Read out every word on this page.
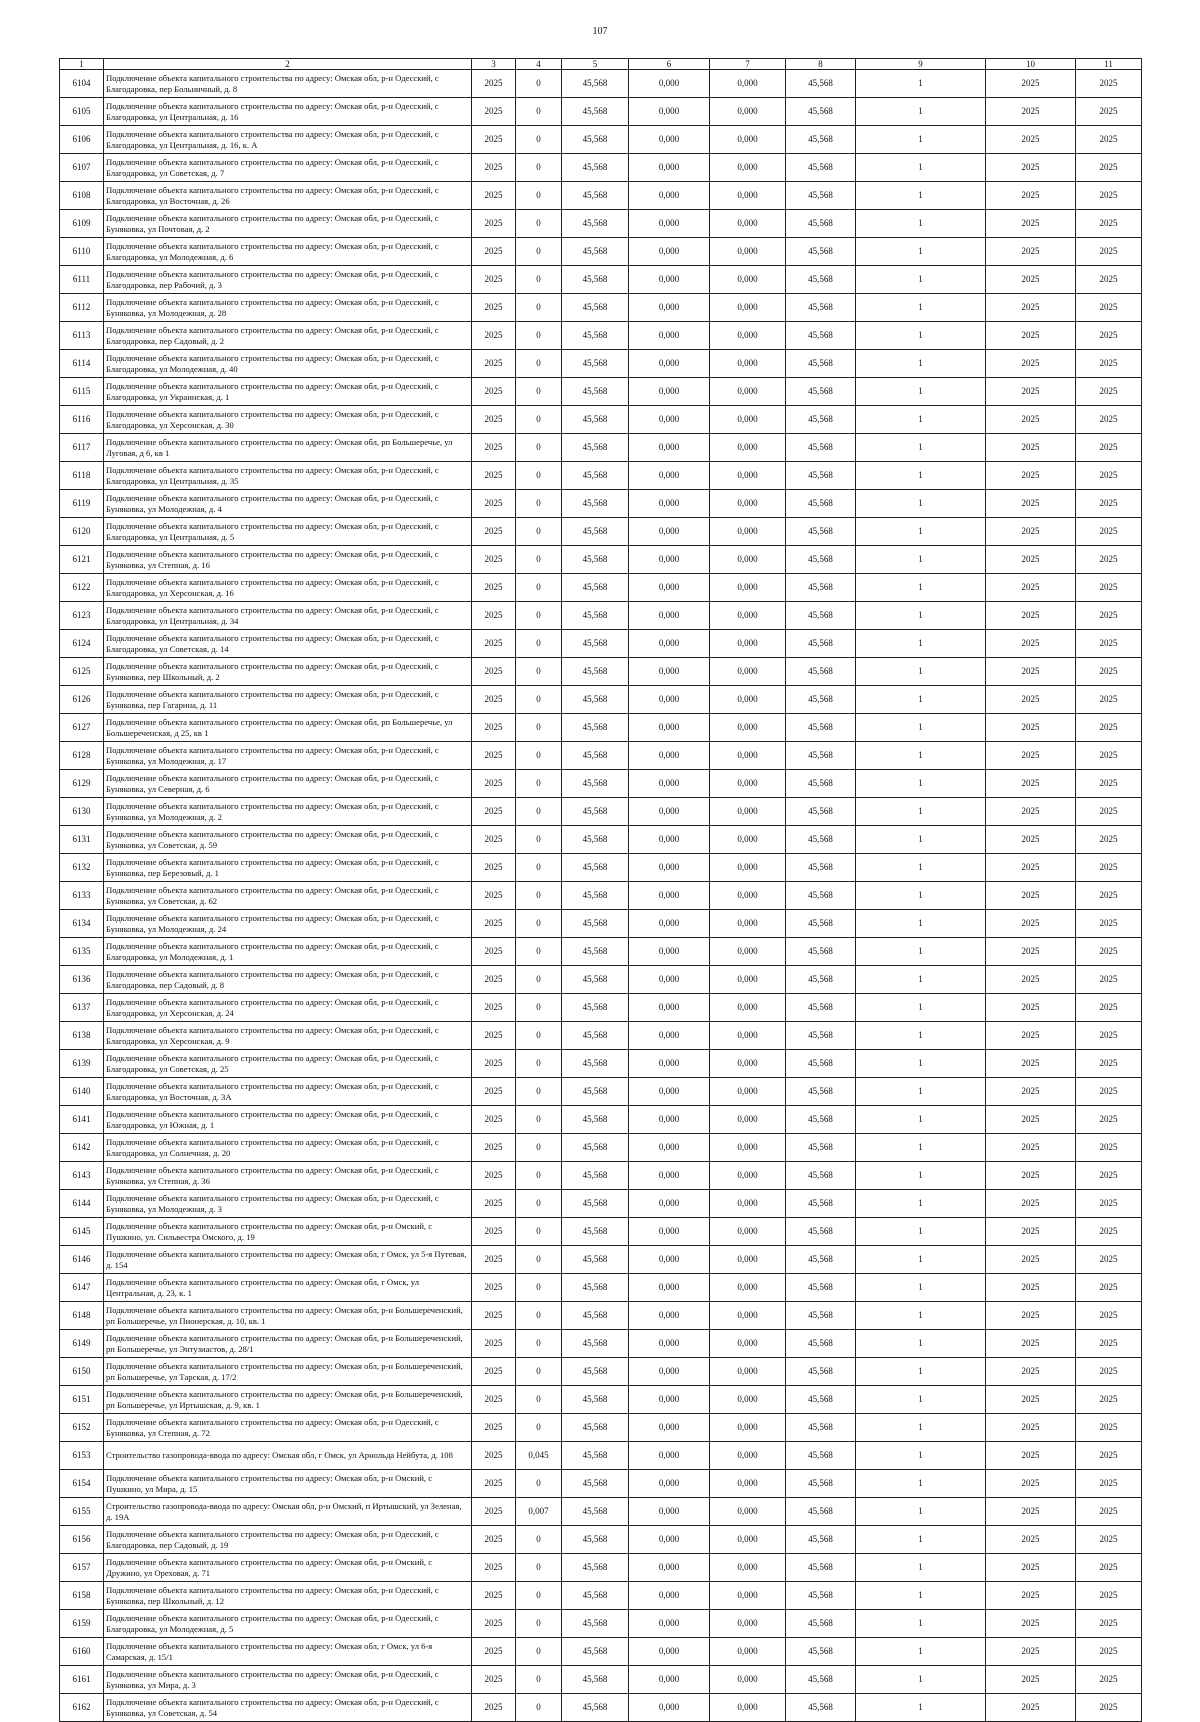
107
1	2	3	4	5	6	7	8	9	10	11
6104	Подключение объекта капитального строительства по адресу: Омская обл, р-н Одесский, с Благодаровка, пер Больничный, д. 8	2025	0	45,568	0,000	0,000	45,568	1	2025	2025
6105	Подключение объекта капитального строительства по адресу: Омская обл, р-н Одесский, с Благодаровка, ул Центральная, д. 16	2025	0	45,568	0,000	0,000	45,568	1	2025	2025
6106	Подключение объекта капитального строительства по адресу: Омская обл, р-н Одесский, с Благодаровка, ул Центральная, д. 16, к. А	2025	0	45,568	0,000	0,000	45,568	1	2025	2025
6107	Подключение объекта капитального строительства по адресу: Омская обл, р-н Одесский, с Благодаровка, ул Советская, д. 7	2025	0	45,568	0,000	0,000	45,568	1	2025	2025
6108	Подключение объекта капитального строительства по адресу: Омская обл, р-н Одесский, с Благодаровка, ул Восточная, д. 26	2025	0	45,568	0,000	0,000	45,568	1	2025	2025
6109	Подключение объекта капитального строительства по адресу: Омская обл, р-н Одесский, с Буняковка, ул Почтовая, д. 2	2025	0	45,568	0,000	0,000	45,568	1	2025	2025
6110	Подключение объекта капитального строительства по адресу: Омская обл, р-н Одесский, с Благодаровка, ул Молодежная, д. 6	2025	0	45,568	0,000	0,000	45,568	1	2025	2025
6111	Подключение объекта капитального строительства по адресу: Омская обл, р-н Одесский, с Благодаровка, пер Рабочий, д. 3	2025	0	45,568	0,000	0,000	45,568	1	2025	2025
6112	Подключение объекта капитального строительства по адресу: Омская обл, р-н Одесский, с Буняковка, ул Молодежная, д. 28	2025	0	45,568	0,000	0,000	45,568	1	2025	2025
6113	Подключение объекта капитального строительства по адресу: Омская обл, р-н Одесский, с Благодаровка, пер Садовый, д. 2	2025	0	45,568	0,000	0,000	45,568	1	2025	2025
6114	Подключение объекта капитального строительства по адресу: Омская обл, р-н Одесский, с Благодаровка, ул Молодежная, д. 40	2025	0	45,568	0,000	0,000	45,568	1	2025	2025
6115	Подключение объекта капитального строительства по адресу: Омская обл, р-н Одесский, с Благодаровка, ул Украинская, д. 1	2025	0	45,568	0,000	0,000	45,568	1	2025	2025
6116	Подключение объекта капитального строительства по адресу: Омская обл, р-н Одесский, с Благодаровка, ул Херсонская, д. 30	2025	0	45,568	0,000	0,000	45,568	1	2025	2025
6117	Подключение объекта капитального строительства по адресу: Омская обл, рп Большеречье, ул Луговая, д 6, кв 1	2025	0	45,568	0,000	0,000	45,568	1	2025	2025
6118	Подключение объекта капитального строительства по адресу: Омская обл, р-н Одесский, с Благодаровка, ул Центральная, д. 35	2025	0	45,568	0,000	0,000	45,568	1	2025	2025
6119	Подключение объекта капитального строительства по адресу: Омская обл, р-н Одесский, с Буняковка, ул Молодежная, д. 4	2025	0	45,568	0,000	0,000	45,568	1	2025	2025
6120	Подключение объекта капитального строительства по адресу: Омская обл, р-н Одесский, с Благодаровка, ул Центральная, д. 5	2025	0	45,568	0,000	0,000	45,568	1	2025	2025
6121	Подключение объекта капитального строительства по адресу: Омская обл, р-н Одесский, с Буняковка, ул Степная, д. 16	2025	0	45,568	0,000	0,000	45,568	1	2025	2025
6122	Подключение объекта капитального строительства по адресу: Омская обл, р-н Одесский, с Благодаровка, ул Херсонская, д. 16	2025	0	45,568	0,000	0,000	45,568	1	2025	2025
6123	Подключение объекта капитального строительства по адресу: Омская обл, р-н Одесский, с Благодаровка, ул Центральная, д. 34	2025	0	45,568	0,000	0,000	45,568	1	2025	2025
6124	Подключение объекта капитального строительства по адресу: Омская обл, р-н Одесский, с Благодаровка, ул Советская, д. 14	2025	0	45,568	0,000	0,000	45,568	1	2025	2025
6125	Подключение объекта капитального строительства по адресу: Омская обл, р-н Одесский, с Буняковка, пер Школьный, д. 2	2025	0	45,568	0,000	0,000	45,568	1	2025	2025
6126	Подключение объекта капитального строительства по адресу: Омская обл, р-н Одесский, с Буняковка, пер Гагарина, д. 11	2025	0	45,568	0,000	0,000	45,568	1	2025	2025
6127	Подключение объекта капитального строительства по адресу: Омская обл, рп Большеречье, ул Большереченская, д 25, кв 1	2025	0	45,568	0,000	0,000	45,568	1	2025	2025
6128	Подключение объекта капитального строительства по адресу: Омская обл, р-н Одесский, с Буняковка, ул Молодежная, д. 17	2025	0	45,568	0,000	0,000	45,568	1	2025	2025
6129	Подключение объекта капитального строительства по адресу: Омская обл, р-н Одесский, с Буняковка, ул Северная, д. 6	2025	0	45,568	0,000	0,000	45,568	1	2025	2025
6130	Подключение объекта капитального строительства по адресу: Омская обл, р-н Одесский, с Буняковка, ул Молодежная, д. 2	2025	0	45,568	0,000	0,000	45,568	1	2025	2025
6131	Подключение объекта капитального строительства по адресу: Омская обл, р-н Одесский, с Буняковка, ул Советская, д. 59	2025	0	45,568	0,000	0,000	45,568	1	2025	2025
6132	Подключение объекта капитального строительства по адресу: Омская обл, р-н Одесский, с Буняковка, пер Березовый, д. 1	2025	0	45,568	0,000	0,000	45,568	1	2025	2025
6133	Подключение объекта капитального строительства по адресу: Омская обл, р-н Одесский, с Буняковка, ул Советская, д. 62	2025	0	45,568	0,000	0,000	45,568	1	2025	2025
6134	Подключение объекта капитального строительства по адресу: Омская обл, р-н Одесский, с Буняковка, ул Молодежная, д. 24	2025	0	45,568	0,000	0,000	45,568	1	2025	2025
6135	Подключение объекта капитального строительства по адресу: Омская обл, р-н Одесский, с Благодаровка, ул Молодежная, д. 1	2025	0	45,568	0,000	0,000	45,568	1	2025	2025
6136	Подключение объекта капитального строительства по адресу: Омская обл, р-н Одесский, с Благодаровка, пер Садовый, д. 8	2025	0	45,568	0,000	0,000	45,568	1	2025	2025
6137	Подключение объекта капитального строительства по адресу: Омская обл, р-н Одесский, с Благодаровка, ул Херсонская, д. 24	2025	0	45,568	0,000	0,000	45,568	1	2025	2025
6138	Подключение объекта капитального строительства по адресу: Омская обл, р-н Одесский, с Благодаровка, ул Херсонская, д. 9	2025	0	45,568	0,000	0,000	45,568	1	2025	2025
6139	Подключение объекта капитального строительства по адресу: Омская обл, р-н Одесский, с Благодаровка, ул Советская, д. 25	2025	0	45,568	0,000	0,000	45,568	1	2025	2025
6140	Подключение объекта капитального строительства по адресу: Омская обл, р-н Одесский, с Благодаровка, ул Восточная, д. 3А	2025	0	45,568	0,000	0,000	45,568	1	2025	2025
6141	Подключение объекта капитального строительства по адресу: Омская обл, р-н Одесский, с Благодаровка, ул Южная, д. 1	2025	0	45,568	0,000	0,000	45,568	1	2025	2025
6142	Подключение объекта капитального строительства по адресу: Омская обл, р-н Одесский, с Благодаровка, ул Солнечная, д. 20	2025	0	45,568	0,000	0,000	45,568	1	2025	2025
6143	Подключение объекта капитального строительства по адресу: Омская обл, р-н Одесский, с Буняковка, ул Степная, д. 36	2025	0	45,568	0,000	0,000	45,568	1	2025	2025
6144	Подключение объекта капитального строительства по адресу: Омская обл, р-н Одесский, с Буняковка, ул Молодежная, д. 3	2025	0	45,568	0,000	0,000	45,568	1	2025	2025
6145	Подключение объекта капитального строительства по адресу: Омская обл, р-н Омский, с Пушкино, ул. Сильвестра Омского, д. 19	2025	0	45,568	0,000	0,000	45,568	1	2025	2025
6146	Подключение объекта капитального строительства по адресу: Омская обл, г Омск, ул 5-я Путевая, д. 154	2025	0	45,568	0,000	0,000	45,568	1	2025	2025
6147	Подключение объекта капитального строительства по адресу: Омская обл, г Омск, ул Центральная, д. 23, к. 1	2025	0	45,568	0,000	0,000	45,568	1	2025	2025
6148	Подключение объекта капитального строительства по адресу: Омская обл, р-н Большереченский, рп Большеречье, ул Пионерская, д. 10, кв. 1	2025	0	45,568	0,000	0,000	45,568	1	2025	2025
6149	Подключение объекта капитального строительства по адресу: Омская обл, р-н Большереченский, рп Большеречье, ул Энтузиастов, д. 28/1	2025	0	45,568	0,000	0,000	45,568	1	2025	2025
6150	Подключение объекта капитального строительства по адресу: Омская обл, р-н Большереченский, рп Большеречье, ул Тарская, д. 17/2	2025	0	45,568	0,000	0,000	45,568	1	2025	2025
6151	Подключение объекта капитального строительства по адресу: Омская обл, р-н Большереченский, рп Большеречье, ул Иртышская, д. 9, кв. 1	2025	0	45,568	0,000	0,000	45,568	1	2025	2025
6152	Подключение объекта капитального строительства по адресу: Омская обл, р-н Одесский, с Буняковка, ул Степная, д. 72	2025	0	45,568	0,000	0,000	45,568	1	2025	2025
6153	Строительство газопровода-ввода по адресу: Омская обл, г Омск, ул Арнольда Нейбута, д. 108	2025	0,045	45,568	0,000	0,000	45,568	1	2025	2025
6154	Подключение объекта капитального строительства по адресу: Омская обл, р-н Омский, с Пушкино, ул Мира, д. 15	2025	0	45,568	0,000	0,000	45,568	1	2025	2025
6155	Строительство газопровода-ввода по адресу: Омская обл, р-н Омский, п Иртышский, ул Зеленая, д. 19А	2025	0,007	45,568	0,000	0,000	45,568	1	2025	2025
6156	Подключение объекта капитального строительства по адресу: Омская обл, р-н Одесский, с Благодаровка, пер Садовый, д. 19	2025	0	45,568	0,000	0,000	45,568	1	2025	2025
6157	Подключение объекта капитального строительства по адресу: Омская обл, р-н Омский, с Дружино, ул Ореховая, д. 71	2025	0	45,568	0,000	0,000	45,568	1	2025	2025
6158	Подключение объекта капитального строительства по адресу: Омская обл, р-н Одесский, с Буняковка, пер Школьный, д. 12	2025	0	45,568	0,000	0,000	45,568	1	2025	2025
6159	Подключение объекта капитального строительства по адресу: Омская обл, р-н Одесский, с Благодаровка, ул Молодежная, д. 5	2025	0	45,568	0,000	0,000	45,568	1	2025	2025
6160	Подключение объекта капитального строительства по адресу: Омская обл, г Омск, ул 6-я Самарская, д. 15/1	2025	0	45,568	0,000	0,000	45,568	1	2025	2025
6161	Подключение объекта капитального строительства по адресу: Омская обл, р-н Одесский, с Буняковка, ул Мира, д. 3	2025	0	45,568	0,000	0,000	45,568	1	2025	2025
6162	Подключение объекта капитального строительства по адресу: Омская обл, р-н Одесский, с Буняковка, ул Советская, д. 54	2025	0	45,568	0,000	0,000	45,568	1	2025	2025
